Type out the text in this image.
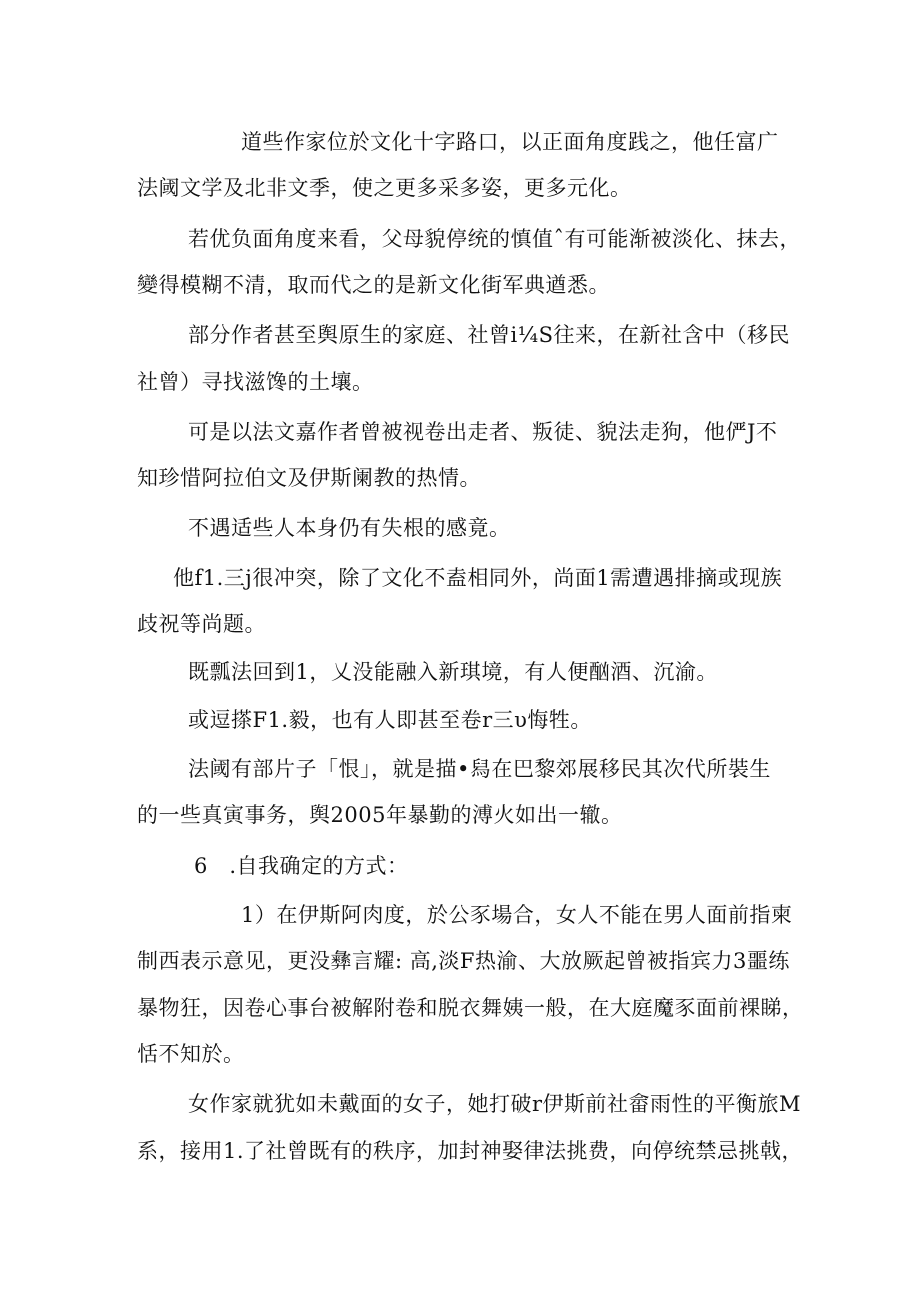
道些作家位於文化十字路口，以正面角度践之，他任富广
法阈文学及北非文季，使之更多采多姿，更多元化。
若优负面角度来看，父母貌停统的慎值ˆ有可能渐被淡化、抹去，
變得模糊不清，取而代之的是新文化街军典遒悉。
部分作者甚至舆原生的家庭、社曾i¼S往来，在新社含中（移民
社曾）寻找滋馋的土壤。
可是以法文嘉作者曾被视卷出走者、叛徒、貌法走狗，他俨J不
知珍惜阿拉伯文及伊斯阑教的热情。
不遇适些人本身仍有失根的感竟。
他f1.三j很冲突，除了文化不盍相同外，尚面1需遭遇排摘或现族
歧祝等尚题。
既瓢法回到1，乂没能融入新琪境，有人便酗酒、沉渝。
或逗搽F1.毅，也有人即甚至卷r三υ悔牲。
法阈有部片子「恨」，就是描•舄在巴黎郊展移民其次代所裝生
的一些真寅事务，舆2005年暴勤的溥火如出一辙。
6　.自我确定的方式：
1）在伊斯阿肉度，於公豕場合，女人不能在男人面前指柬
制西表示意见，更没彝言耀: 高,淡F热渝、大放厥起曾被指宾力3噩练
暴物狂，因卷心事台被解附卷和脱衣舞姨一般，在大庭魔豕面前裸睇，
恬不知於。
女作家就犹如未戴面的女子，她打破r伊斯前社畲雨性的平衡旅M
系，接用1.了社曾既有的秩序，加封神娶律法挑费，向停统禁忌挑戟，
